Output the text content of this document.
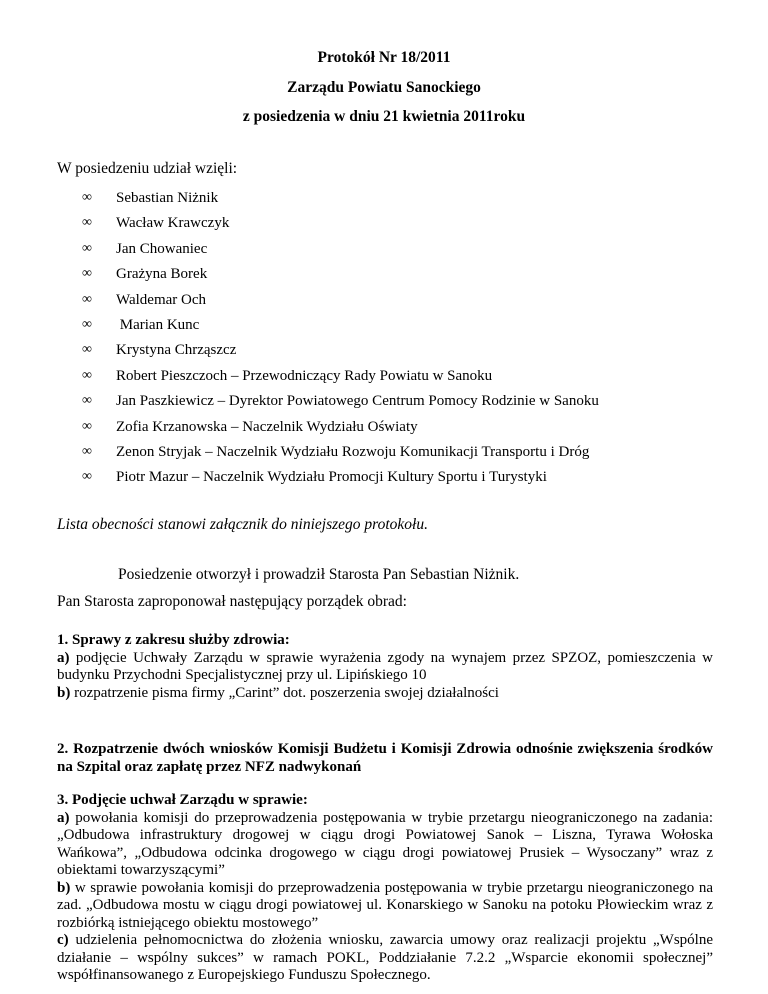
Protokół Nr 18/2011
Zarządu Powiatu Sanockiego
z posiedzenia w dniu 21 kwietnia 2011roku
W posiedzeniu udział wzięli:
∞	Sebastian Niżnik
∞	Wacław Krawczyk
∞	Jan Chowaniec
∞	Grażyna Borek
∞	Waldemar Och
∞	Marian Kunc
∞	Krystyna Chrząszcz
∞	Robert Pieszczoch – Przewodniczący Rady Powiatu w Sanoku
∞	Jan Paszkiewicz – Dyrektor Powiatowego Centrum Pomocy Rodzinie w Sanoku
∞	Zofia Krzanowska – Naczelnik Wydziału Oświaty
∞	Zenon Stryjak – Naczelnik Wydziału Rozwoju Komunikacji Transportu i Dróg
∞	Piotr Mazur – Naczelnik Wydziału Promocji Kultury Sportu i Turystyki
Lista obecności stanowi załącznik do niniejszego protokołu.
Posiedzenie otworzył i prowadził Starosta Pan Sebastian Niżnik.
Pan Starosta zaproponował następujący porządek obrad:
1. Sprawy z zakresu służby zdrowia:
a) podjęcie Uchwały Zarządu w sprawie wyrażenia zgody na wynajem przez SPZOZ, pomieszczenia w budynku Przychodni Specjalistycznej przy ul. Lipińskiego 10
b) rozpatrzenie pisma firmy „Carint” dot. poszerzenia swojej działalności
2. Rozpatrzenie dwóch wniosków Komisji Budżetu i Komisji Zdrowia odnośnie zwiększenia środków na Szpital oraz zapłatę przez NFZ nadwykonań
3. Podjęcie uchwał Zarządu w sprawie:
a) powołania komisji do przeprowadzenia postępowania w trybie przetargu nieograniczonego na zadania: „Odbudowa infrastruktury drogowej w ciągu drogi Powiatowej Sanok – Liszna, Tyrawa Wołoska Wańkowa”, „Odbudowa odcinka drogowego w ciągu drogi powiatowej Prusiek – Wysoczany” wraz z obiektami towarzyszącymi”
b) w sprawie powołania komisji do przeprowadzenia postępowania w trybie przetargu nieograniczonego na zad. „Odbudowa mostu w ciągu drogi powiatowej ul. Konarskiego w Sanoku na potoku Płowieckim wraz z rozbiórką istniejącego obiektu mostowego”
c) udzielenia pełnomocnictwa do złożenia wniosku, zawarcia umowy oraz realizacji projektu „Wspólne działanie – wspólny sukces” w ramach POKL, Poddziałanie 7.2.2 „Wsparcie ekonomii społecznej” współfinansowanego z Europejskiego Funduszu Społecznego.
